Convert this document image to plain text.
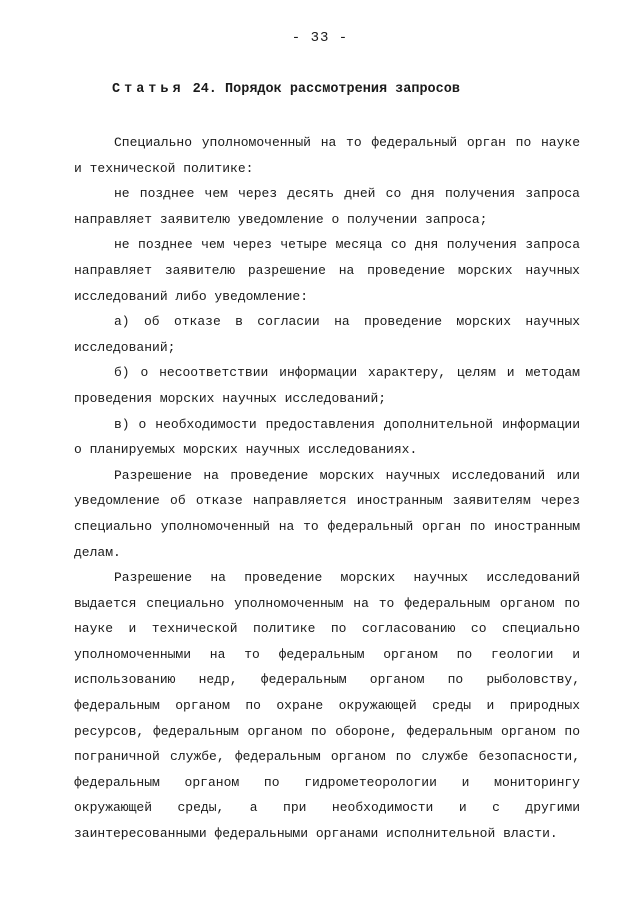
- 33 -
Статья 24. Порядок рассмотрения запросов

Специально уполномоченный на то федеральный орган по науке и технической политике:

не позднее чем через десять дней со дня получения запроса направляет заявителю уведомление о получении запроса;

не позднее чем через четыре месяца со дня получения запроса направляет заявителю разрешение на проведение морских научных исследований либо уведомление:

а) об отказе в согласии на проведение морских научных исследований;

б) о несоответствии информации характеру, целям и методам проведения морских научных исследований;

в) о необходимости предоставления дополнительной информации о планируемых морских научных исследованиях.

Разрешение на проведение морских научных исследований или уведомление об отказе направляется иностранным заявителям через специально уполномоченный на то федеральный орган по иностранным делам.

Разрешение на проведение морских научных исследований выдается специально уполномоченным на то федеральным органом по науке и технической политике по согласованию со специально уполномоченными на то федеральным органом по геологии и использованию недр, федеральным органом по рыболовству, федеральным органом по охране окружающей среды и природных ресурсов, федеральным органом по обороне, федеральным органом по пограничной службе, федеральным органом по службе безопасности, федеральным органом по гидрометеорологии и мониторингу окружающей среды, а при необходимости и с другими заинтересованными федеральными органами исполнительной власти.
